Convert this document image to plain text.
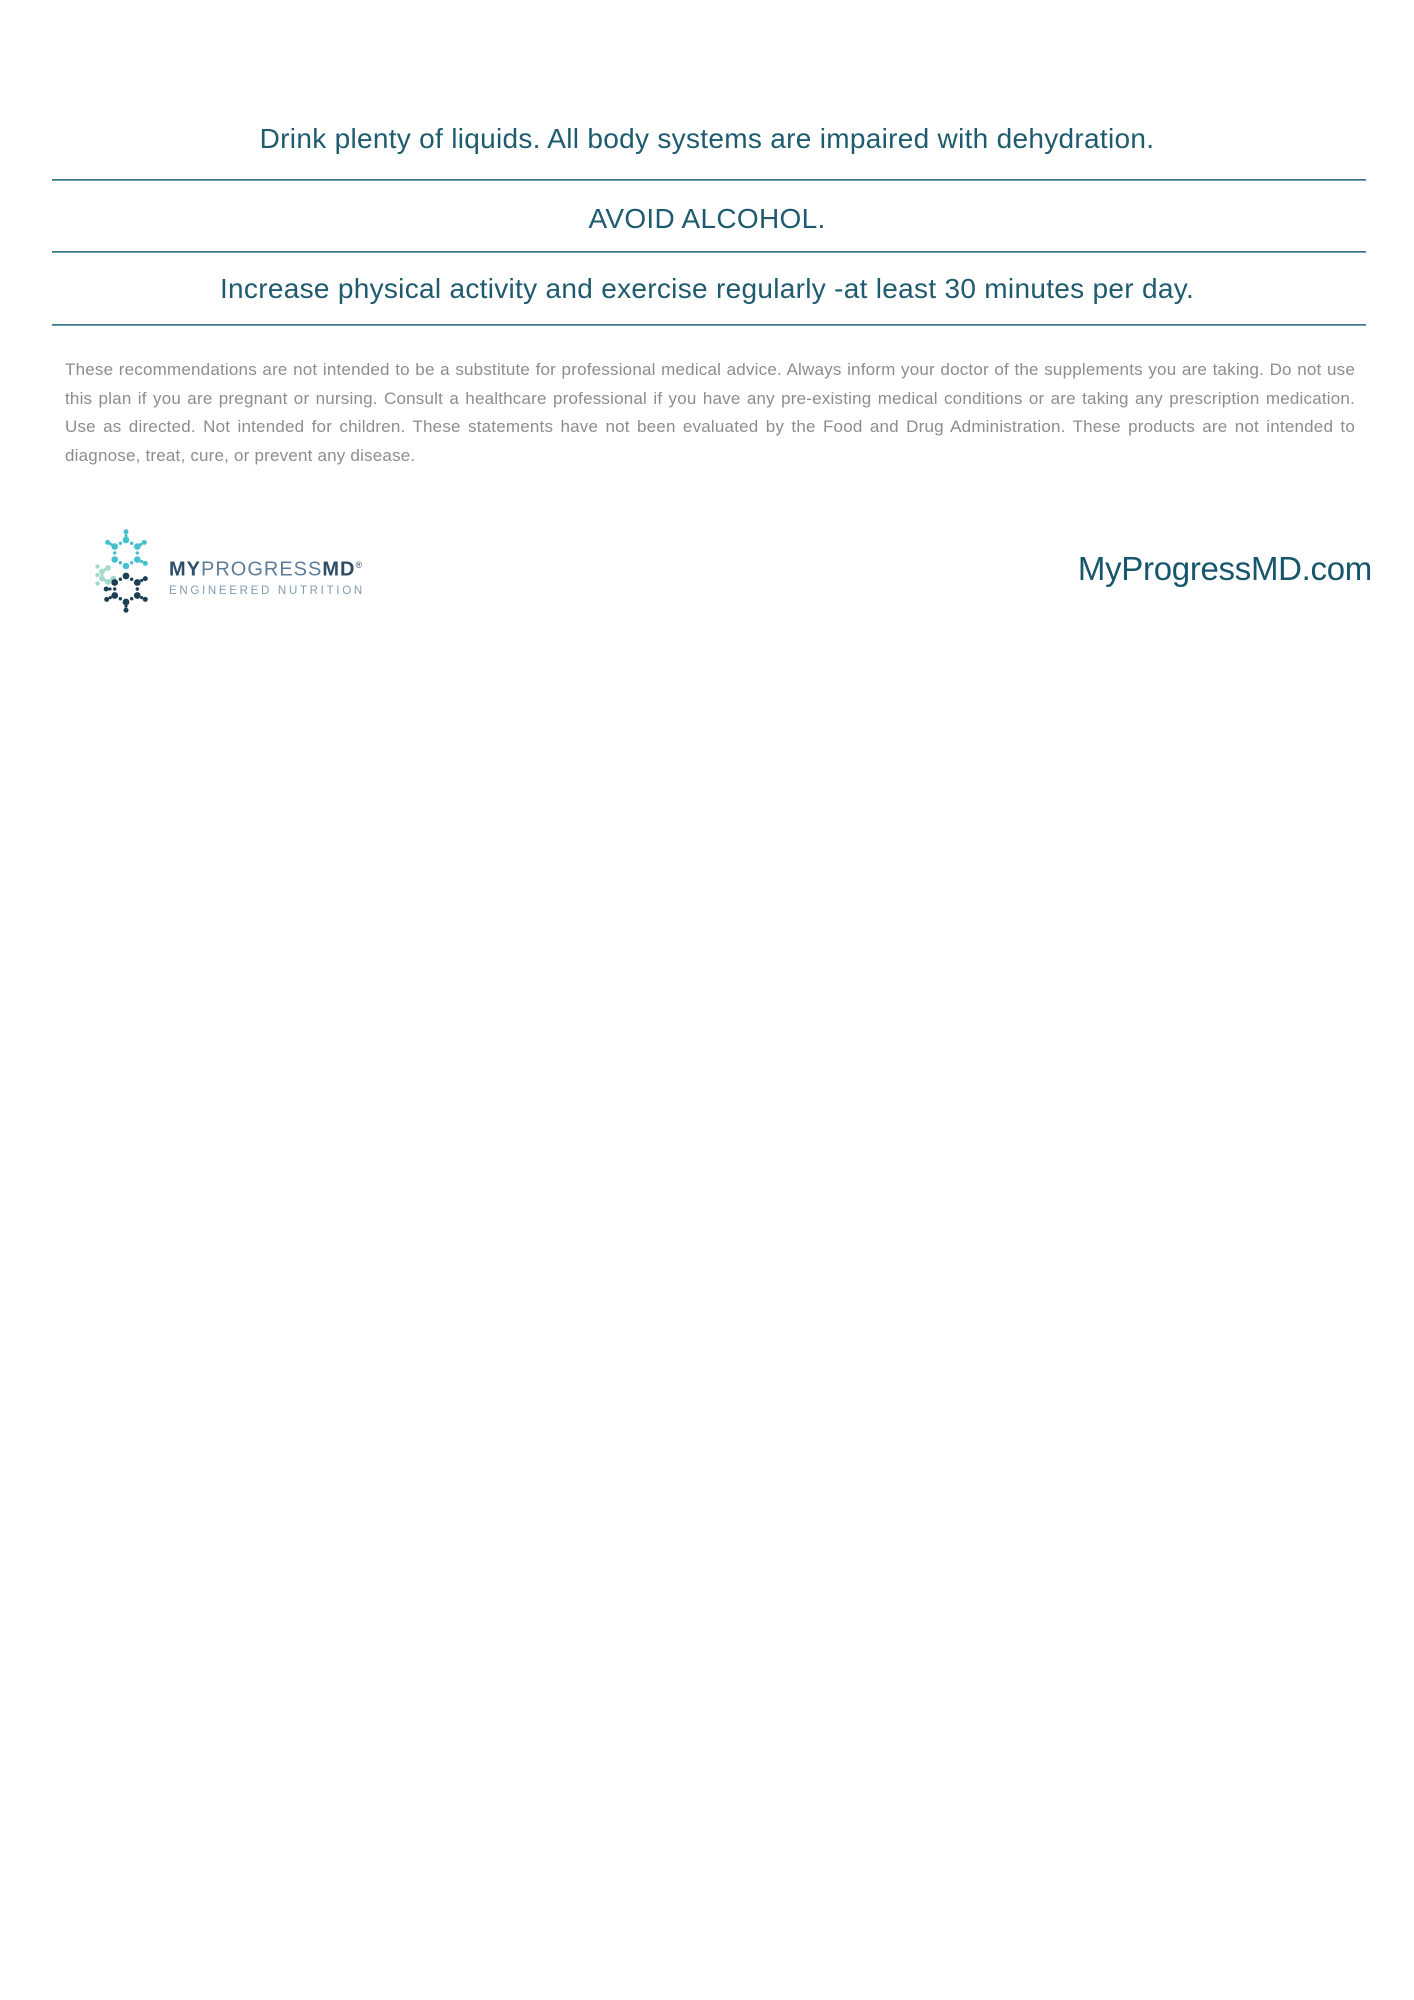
Drink plenty of liquids. All body systems are impaired with dehydration.
AVOID ALCOHOL.
Increase physical activity and exercise regularly -at least 30 minutes per day.

These recommendations are not intended to be a substitute for professional medical advice. Always inform your doctor of the supplements you are taking. Do not use this plan if you are pregnant or nursing. Consult a healthcare professional if you have any pre-existing medical conditions or are taking any prescription medication. Use as directed. Not intended for children. These statements have not been evaluated by the Food and Drug Administration. These products are not intended to diagnose, treat, cure, or prevent any disease.

MYPROGRESSMD®
ENGINEERED NUTRITION
MyProgressMD.com
